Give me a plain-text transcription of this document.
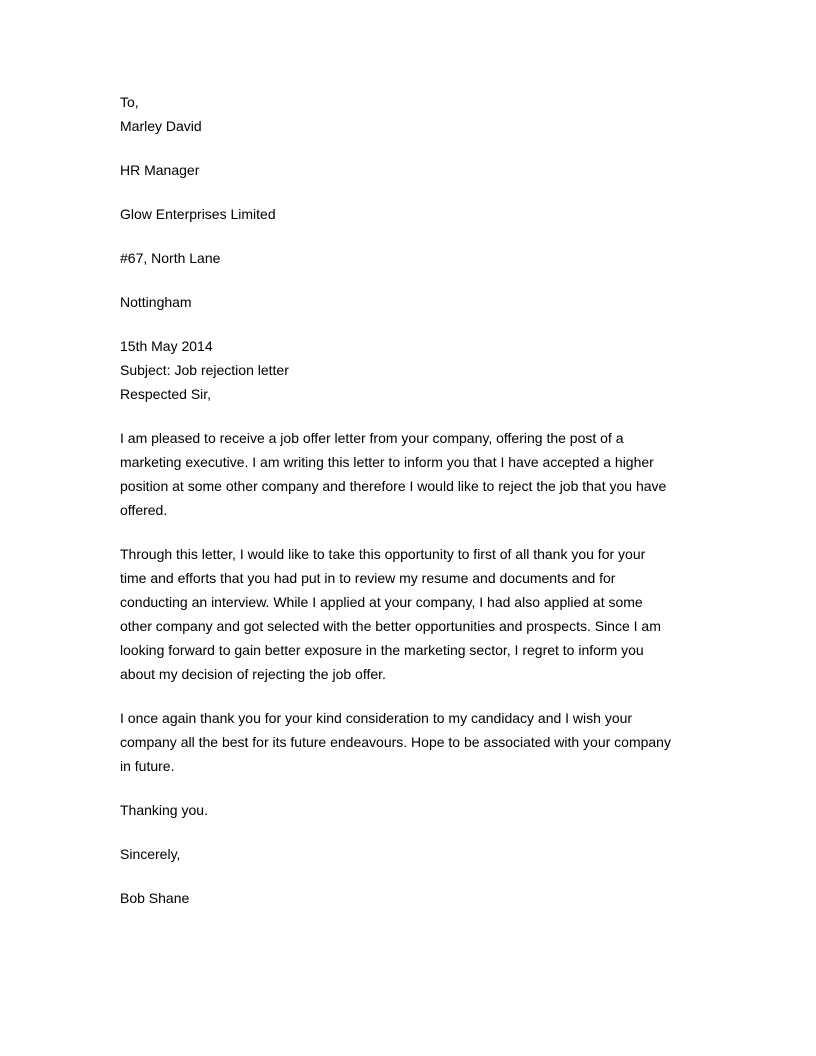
To,
Marley David
HR Manager
Glow Enterprises Limited
#67, North Lane
Nottingham
15th May 2014
Subject: Job rejection letter
Respected Sir,
I am pleased to receive a job offer letter from your company, offering the post of a
marketing executive. I am writing this letter to inform you that I have accepted a higher
position at some other company and therefore I would like to reject the job that you have
offered.
Through this letter, I would like to take this opportunity to first of all thank you for your
time and efforts that you had put in to review my resume and documents and for
conducting an interview. While I applied at your company, I had also applied at some
other company and got selected with the better opportunities and prospects. Since I am
looking forward to gain better exposure in the marketing sector, I regret to inform you
about my decision of rejecting the job offer.
I once again thank you for your kind consideration to my candidacy and I wish your
company all the best for its future endeavours. Hope to be associated with your company
in future.
Thanking you.
Sincerely,
Bob Shane
